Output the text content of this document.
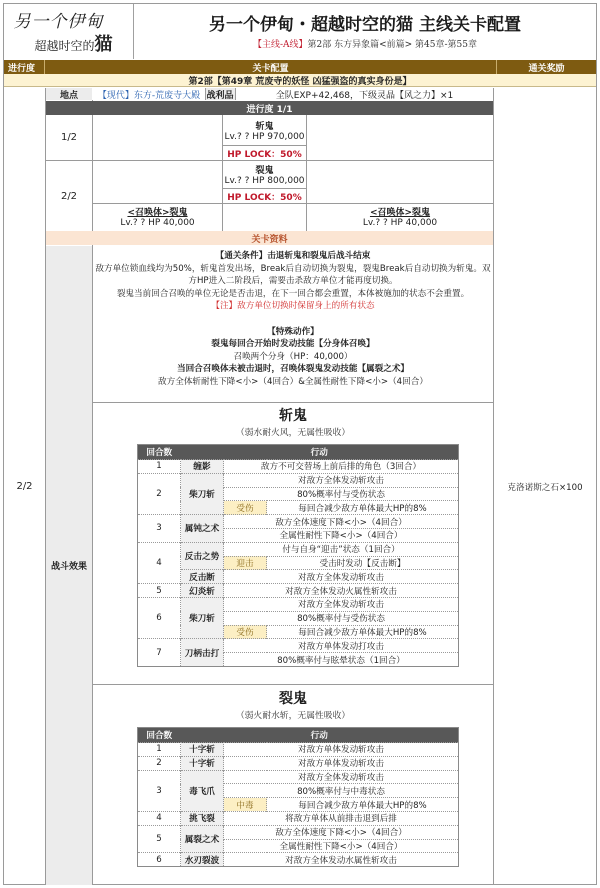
另一个伊甸
超越时空的猫
另一个伊甸・超越时空的猫 主线关卡配置
【主线-A线】 第2部 东方异象篇<前篇> 第45章-第55章
进行度	关卡配置	通关奖励
第2部【第49章 荒废寺的妖怪 凶猛强盗的真实身份是】
地点	【现代】东方-荒废寺大殿 战利品	全队EXP+42,468，下级灵晶【风之力】×1
进行度 1/1
1/2
斩鬼
Lv.? ? HP 970,000
HP LOCK：50%
2/2
裂鬼
Lv.? ? HP 800,000
HP LOCK：50%
<召唤体>裂鬼
Lv.? ? HP 40,000
<召唤体>裂鬼
Lv.? ? HP 40,000
关卡资料
2/2	克洛诺斯之石×100
战斗效果

【通关条件】击退斩鬼和裂鬼后战斗结束

敌方单位锁血线均为50%，斩鬼首发出场，Break后自动切换为裂鬼，裂鬼Break后自动切换为斩鬼。双

方HP进入二阶段后，需要击杀敌方单位才能再度切换。

裂鬼当前回合召唤的单位无论是否击退，在下一回合都会重置，本体被施加的状态不会重置。

【注】敌方单位切换时保留身上的所有状态

【特殊动作】

裂鬼每回合开始时发动技能【分身体召唤】

召唤两个分身（HP：40,000）

当回合召唤体未被击退时，召唤体裂鬼发动技能【属裂之术】

敌方全体斩耐性下降<小>（4回合）&全属性耐性下降<小>（4回合）

斩鬼
（弱水耐火风，无属性吸收）
回合数	行动		
1	缠影	敌方不可交替场上前后排的角色（3回合）	
2	柴刀斩	对敌方全体发动斩攻击	
		80%概率付与受伤状态	
		受伤	每回合减少敌方单体最大HP的8%
3	属钝之术	敌方全体速度下降<小>（4回合）	
		全属性耐性下降<小>（4回合）	
4	反击之势	付与自身“迎击”状态（1回合）	
		迎击	受击时发动【反击断】
	反击断	对敌方全体发动斩攻击	
5	幻炎斩	对敌方全体发动火属性斩攻击	
6	柴刀斩	对敌方全体发动斩攻击	
		80%概率付与受伤状态	
		受伤	每回合减少敌方单体最大HP的8%
7	刀柄击打	对敌方单体发动打攻击	
		80%概率付与眩晕状态（1回合）	
裂鬼
（弱火耐水斩，无属性吸收）
回合数	行动		
1	十字斩	对敌方单体发动斩攻击	
2	十字斩	对敌方单体发动斩攻击	
3	毒飞爪	对敌方全体发动斩攻击	
		80%概率付与中毒状态	
		中毒	每回合减少敌方单体最大HP的8%
4	挑飞裂	将敌方单体从前排击退到后排	
5	属裂之术	敌方全体速度下降<小>（4回合）	
		全属性耐性下降<小>（4回合）	
6	水刃裂波	对敌方全体发动水属性斩攻击	
